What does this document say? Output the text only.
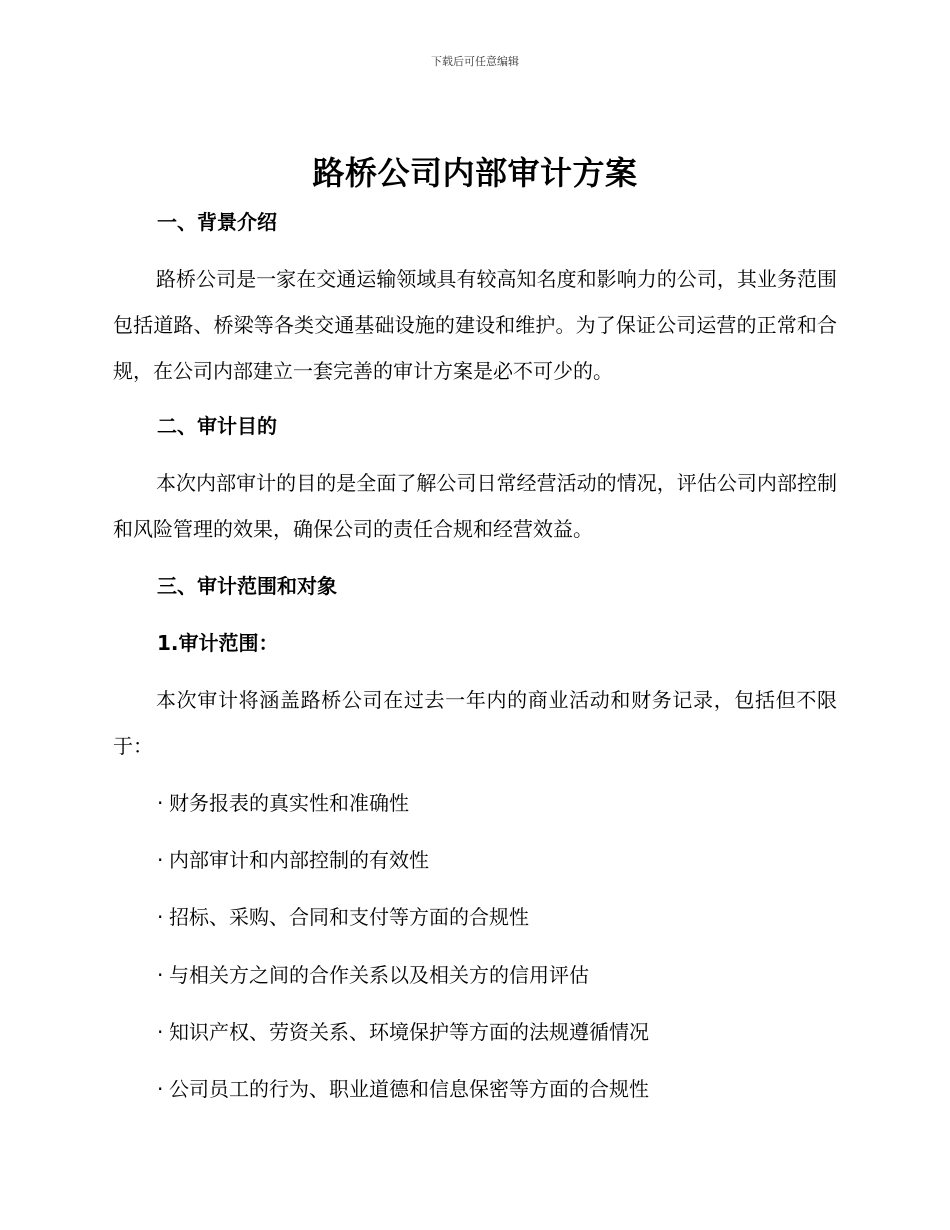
下载后可任意编辑
路桥公司内部审计方案
一、背景介绍
路桥公司是一家在交通运输领域具有较高知名度和影响力的公司，其业务范围包括道路、桥梁等各类交通基础设施的建设和维护。为了保证公司运营的正常和合规，在公司内部建立一套完善的审计方案是必不可少的。
二、审计目的
本次内部审计的目的是全面了解公司日常经营活动的情况，评估公司内部控制和风险管理的效果，确保公司的责任合规和经营效益。
三、审计范围和对象
1.审计范围：
本次审计将涵盖路桥公司在过去一年内的商业活动和财务记录，包括但不限于：
· 财务报表的真实性和准确性
· 内部审计和内部控制的有效性
· 招标、采购、合同和支付等方面的合规性
· 与相关方之间的合作关系以及相关方的信用评估
· 知识产权、劳资关系、环境保护等方面的法规遵循情况
· 公司员工的行为、职业道德和信息保密等方面的合规性
